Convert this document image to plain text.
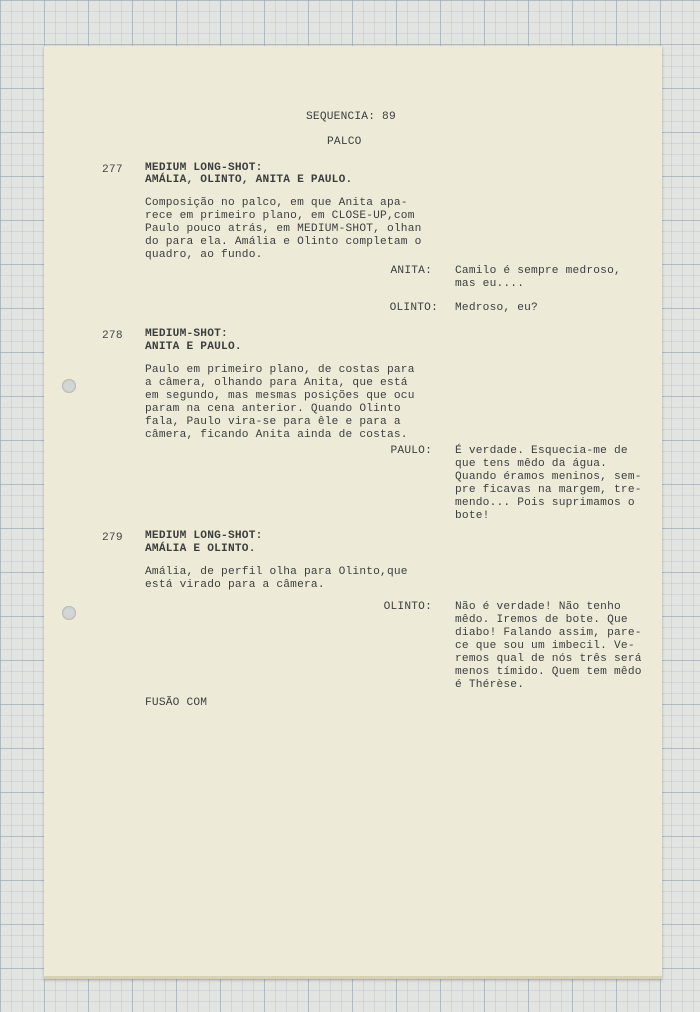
SEQUENCIA: 89
PALCO
277 MEDIUM LONG-SHOT:
AMÁLIA, OLINTO, ANITA E PAULO.
Composição no palco, em que Anita apa-
rece em primeiro plano, em CLOSE-UP,com
Paulo pouco atrás, em MEDIUM-SHOT, olhan
do para ela. Amália e Olinto completam o
quadro, ao fundo.
ANITA: Camilo é sempre medroso,
mas eu....
OLINTO: Medroso, eu?
278 MEDIUM-SHOT:
ANITA E PAULO.
Paulo em primeiro plano, de costas para
a câmera, olhando para Anita, que está
em segundo, mas mesmas posições que ocu
param na cena anterior. Quando Olinto
fala, Paulo vira-se para êle e para a
câmera, ficando Anita ainda de costas.
PAULO: É verdade. Esquecia-me de
que tens mêdo da água.
Quando éramos meninos, sem-
pre ficavas na margem, tre-
mendo... Pois suprimamos o
bote!
279 MEDIUM LONG-SHOT:
AMÁLIA E OLINTO.
Amália, de perfil olha para Olinto,que
está virado para a câmera.
OLINTO: Não é verdade! Não tenho
mêdo. Iremos de bote. Que
diabo! Falando assim, pare-
ce que sou um imbecil. Ve-
remos qual de nós três será
menos tímido. Quem tem mêdo
é Thérèse.
FUSÃO COM
